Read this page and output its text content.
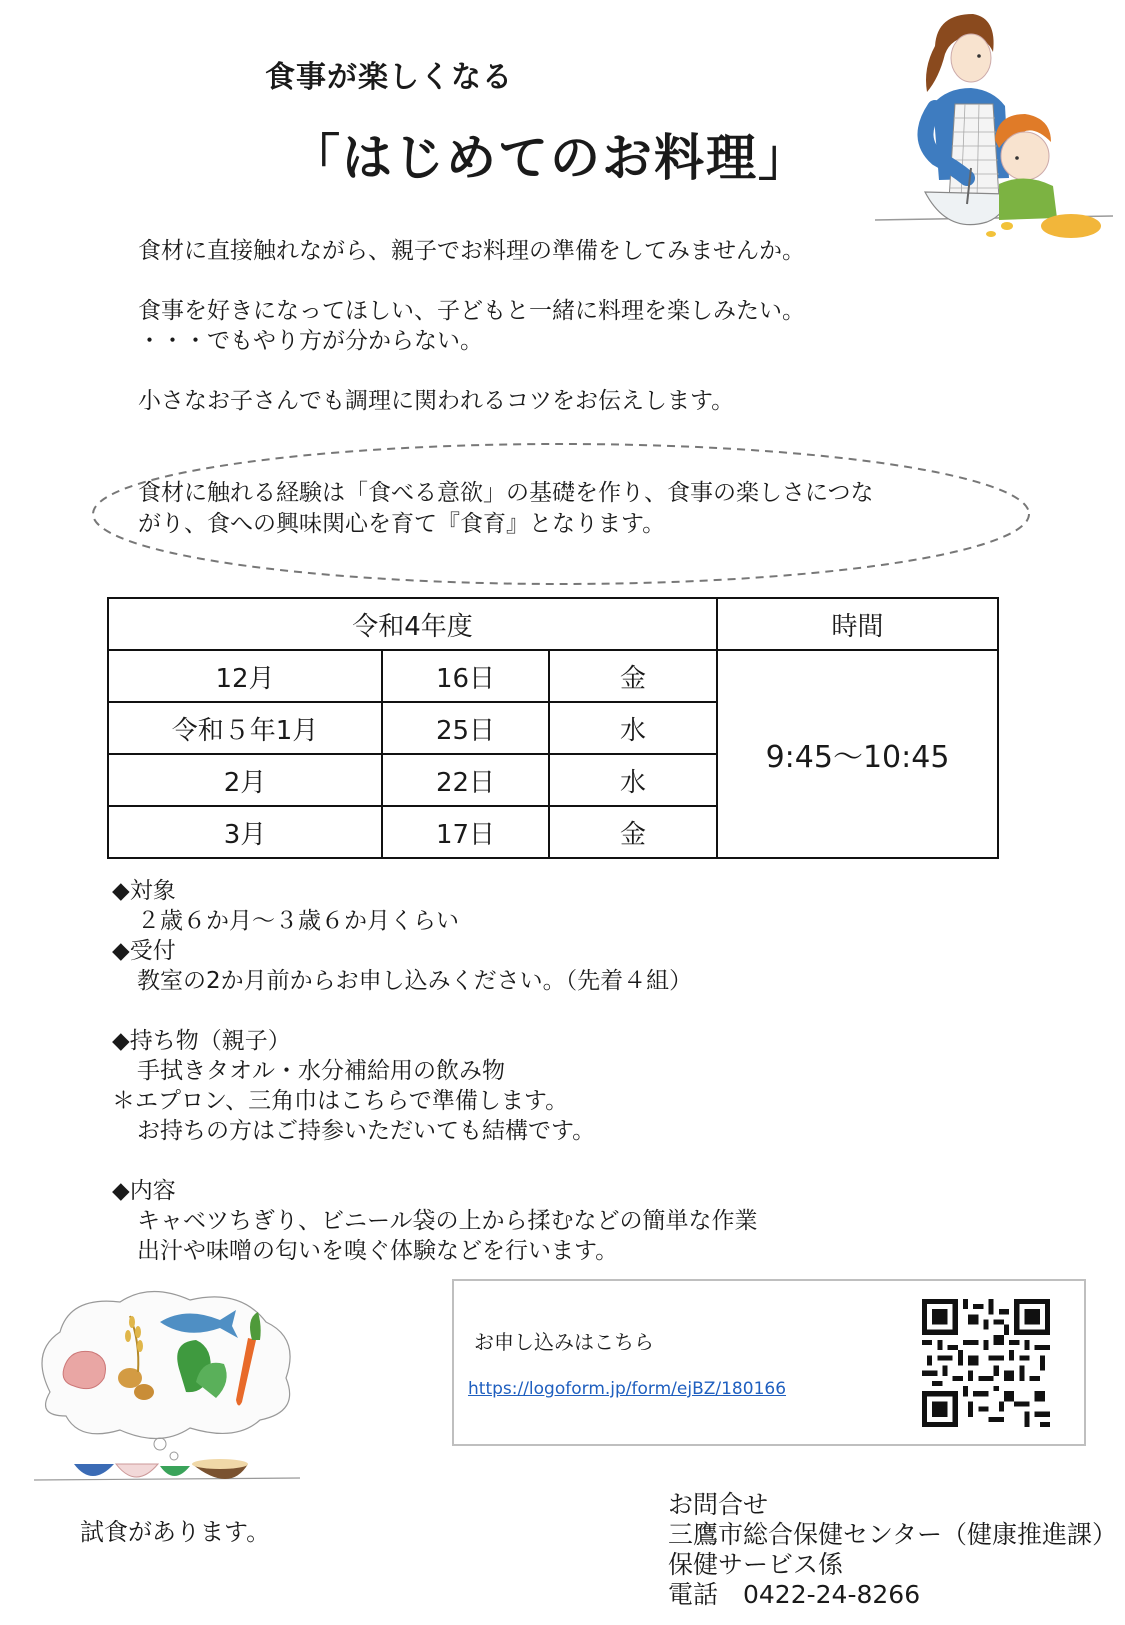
食事が楽しくなる
「はじめてのお料理」
食材に直接触れながら、親子でお料理の準備をしてみませんか。
食事を好きになってほしい、子どもと一緒に料理を楽しみたい。
・・・でもやり方が分からない。
小さなお子さんでも調理に関われるコツをお伝えします。
食材に触れる経験は「食べる意欲」の基礎を作り、食事の楽しさにつな
がり、食への興味関心を育て『食育』となります。
令和4年度			時間
12月	16日	金	9:45～10:45
令和５年1月	25日	水	
2月	22日	水	
3月	17日	金	
◆対象
２歳６か月～３歳６か月くらい
◆受付
教室の2か月前からお申し込みください。（先着４組）
◆持ち物（親子）
手拭きタオル・水分補給用の飲み物
＊エプロン、三角巾はこちらで準備します。
お持ちの方はご持参いただいても結構です。
◆内容
キャベツちぎり、ビニール袋の上から揉むなどの簡単な作業
出汁や味噌の匂いを嗅ぐ体験などを行います。
試食があります。
お申し込みはこちら
https://logoform.jp/form/ejBZ/180166
お問合せ
三鷹市総合保健センター（健康推進課）
保健サービス係
電話　0422-24-8266
